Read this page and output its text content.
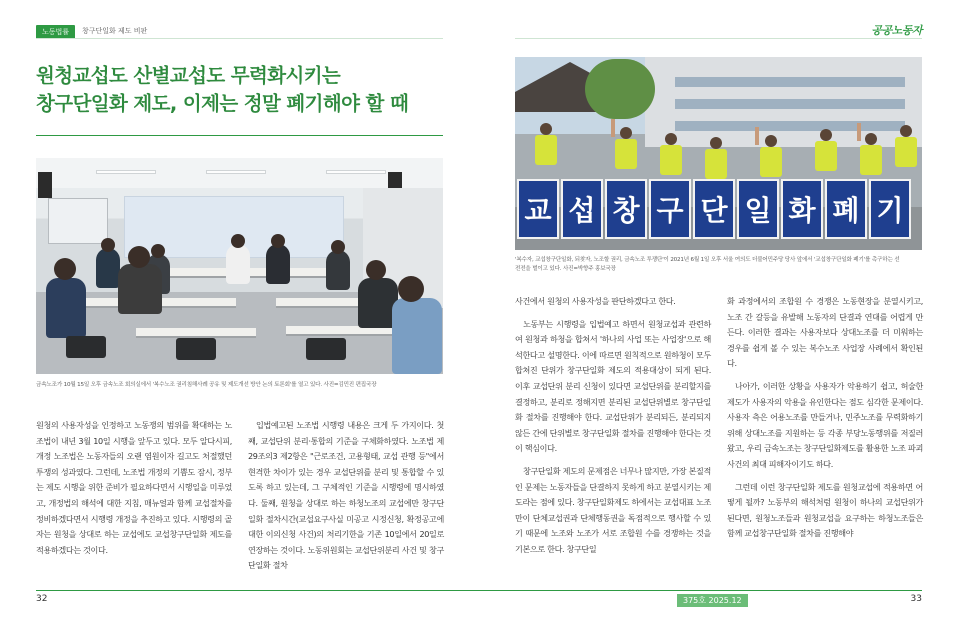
노동법률	창구단일화 제도 비판
원청교섭도 산별교섭도 무력화시키는
창구단일화 제도, 이제는 정말 폐기해야 할 때

금속노조가 10월 15일 오후 금속노조 회의실에서 '복수노조 권리침해사례 공유 및 제도개선 방안 논의 토론회'를 열고 있다. 사진=김민진 편집국장

원청의 사용자성을 인정하고 노동쟁의 범위를 확대하는 노조법이 내년 3월 10일 시행을 앞두고 있다. 모두 알다시피, 개정 노조법은 노동자들의 오랜 염원이자 길고도 처절했던 투쟁의 성과였다. 그런데, 노조법 개정의 기쁨도 잠시, 정부는 제도 시행을 위한 준비가 필요하다면서 시행일을 미루었고, 개정법의 해석에 대한 지침, 매뉴얼과 함께 교섭절차를 정비하겠다면서 시행령 개정을 추진하고 있다. 시행령의 골자는 원청을 상대로 하는 교섭에도 교섭창구단일화 제도를 적용하겠다는 것이다.

입법예고된 노조법 시행령 내용은 크게 두 가지이다. 첫째, 교섭단위 분리·통합의 기준을 구체화하였다. 노조법 제29조의3 제2항은 "근로조건, 고용형태, 교섭 관행 등"에서 현격한 차이가 있는 경우 교섭단위를 분리 및 통합할 수 있도록 하고 있는데, 그 구체적인 기준을 시행령에 명시하였다. 둘째, 원청을 상대로 하는 하청노조의 교섭에만 창구단일화 절차시간(교섭요구사실 미공고 시정신청, 확정공고에 대한 이의신청 사건)의 처리기한을 기존 10일에서 20일로 연장하는 것이다. 노동위원회는 교섭단위분리 사건 및 창구단일화 절차

32
공공노동자
교 섭 창 구 단 일 화 폐 기

'복수자, 교섭창구단일화, 되찾자, 노조할 권리, 금속노조 투쟁단'이 2021년 6월 1일 오후 서울 여의도 더불어민주당 당사 앞에서 '교섭창구단일화 폐기'를 촉구하는 선
전전을 벌이고 있다. 사진=박향주 홍보국장

사건에서 원청의 사용자성을 판단하겠다고 한다.

노동부는 시행령을 입법예고 하면서 원청교섭과 관련하여 원청과 하청을 합쳐서 '하나의 사업 또는 사업장'으로 해석한다고 설명한다. 이에 따르면 원칙적으로 원하청이 모두 합쳐진 단위가 창구단일화 제도의 적용대상이 되게 된다. 이후 교섭단위 분리 신청이 있다면 교섭단위를 분리할지를 결정하고, 분리로 정해지면 분리된 교섭단위별로 창구단일화 절차를 진행해야 한다. 교섭단위가 분리되든, 분리되지 않든 간에 단위별로 창구단일화 절차를 진행해야 한다는 것이 핵심이다.

창구단일화 제도의 문제점은 너무나 많지만, 가장 본질적인 문제는 노동자들을 단결하지 못하게 하고 분열시키는 제도라는 점에 있다. 창구단일화제도 하에서는 교섭대표 노조만이 단체교섭권과 단체행동권을 독점적으로 행사할 수 있기 때문에 노조와 노조가 서로 조합원 수를 경쟁하는 것을 기본으로 한다. 창구단일

화 과정에서의 조합원 수 경쟁은 노동현장을 분열시키고, 노조 간 갈등을 유발해 노동자의 단결과 연대를 어렵게 만든다. 이러한 결과는 사용자보다 상대노조를 더 미워하는 경우를 쉽게 볼 수 있는 복수노조 사업장 사례에서 확인된다.

나아가, 이러한 상황을 사용자가 악용하기 쉽고, 허술한 제도가 사용자의 악용을 유인한다는 점도 심각한 문제이다. 사용자 측은 어용노조를 만들거나, 민주노조를 무력화하기 위해 상대노조를 지원하는 등 각종 부당노동행위를 저질러왔고, 우리 금속노조는 창구단일화제도를 활용한 노조 파괴 사건의 최대 피해자이기도 하다.

그런데 이런 창구단일화 제도를 원청교섭에 적용하면 어떻게 될까? 노동부의 해석처럼 원청이 하나의 교섭단위가 된다면, 원청노조들과 원청교섭을 요구하는 하청노조들은 함께 교섭창구단일화 절차를 진행해야

375호 2025.12	33
